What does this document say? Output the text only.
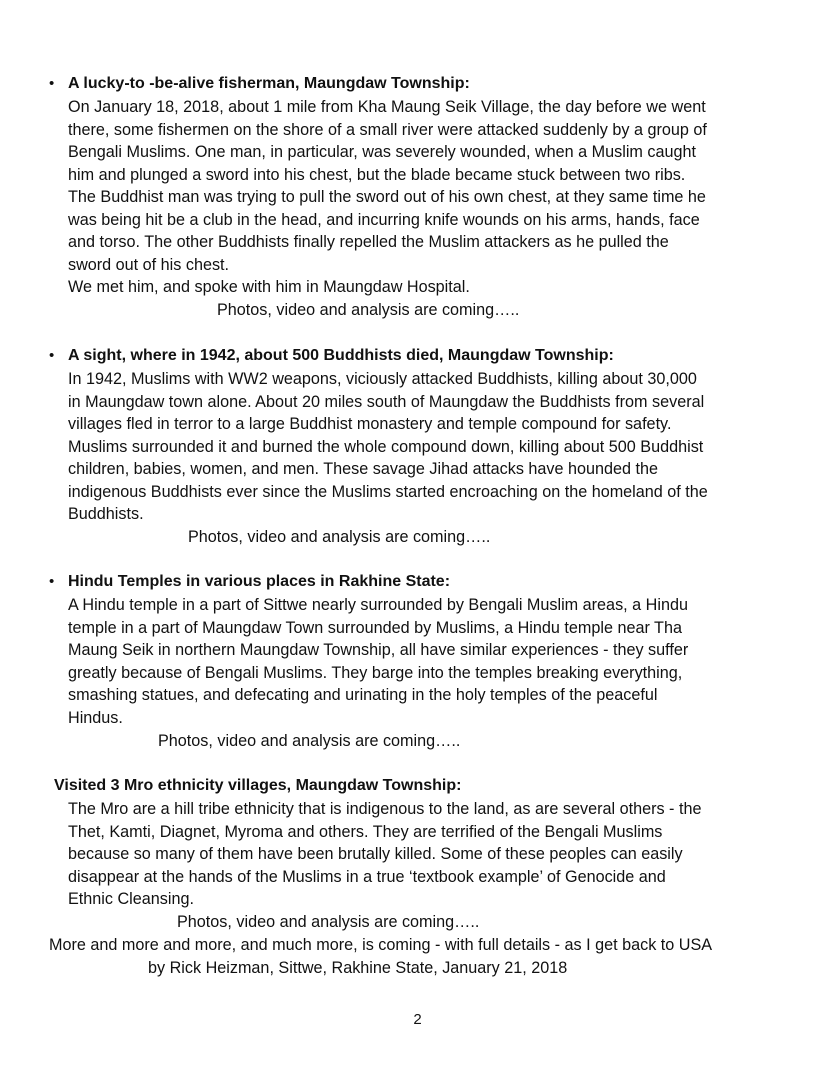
• A lucky-to -be-alive fisherman, Maungdaw Township:
On January 18, 2018, about 1 mile from Kha Maung Seik Village, the day before we went
there, some fishermen on the shore of a small river were attacked suddenly by a group of
Bengali Muslims. One man, in particular, was severely wounded, when a Muslim caught
him and plunged a sword into his chest, but the blade became stuck between two ribs.
The Buddhist man was trying to pull the sword out of his own chest, at they same time he
was being hit be a club in the head, and incurring knife wounds on his arms, hands, face
and torso. The other Buddhists finally repelled the Muslim attackers as he pulled the
sword out of his chest.
We met him, and spoke with him in Maungdaw Hospital.
Photos, video and analysis are coming…..
• A sight, where in 1942, about 500 Buddhists died, Maungdaw Township:
In 1942, Muslims with WW2 weapons, viciously attacked Buddhists, killing about 30,000
in Maungdaw town alone. About 20 miles south of Maungdaw the Buddhists from several
villages fled in terror to a large Buddhist monastery and temple compound for safety.
Muslims surrounded it and burned the whole compound down, killing about 500 Buddhist
children, babies, women, and men. These savage Jihad attacks have hounded the
indigenous Buddhists ever since the Muslims started encroaching on the homeland of the
Buddhists.
Photos, video and analysis are coming…..
• Hindu Temples in various places in Rakhine State:
A Hindu temple in a part of Sittwe nearly surrounded by Bengali Muslim areas, a Hindu
temple in a part of Maungdaw Town surrounded by Muslims, a Hindu temple near Tha
Maung Seik in northern Maungdaw Township, all have similar experiences - they suffer
greatly because of Bengali Muslims. They barge into the temples breaking everything,
smashing statues, and defecating and urinating in the holy temples of the peaceful
Hindus.
Photos, video and analysis are coming…..
Visited 3 Mro ethnicity villages, Maungdaw Township:
The Mro are a hill tribe ethnicity that is indigenous to the land, as are several others - the
Thet, Kamti, Diagnet, Myroma and others. They are terrified of the Bengali Muslims
because so many of them have been brutally killed. Some of these peoples can easily
disappear at the hands of the Muslims in a true ‘textbook example’ of Genocide and
Ethnic Cleansing.
Photos, video and analysis are coming…..
More and more and more, and much more, is coming - with full details - as I get back to USA
by Rick Heizman, Sittwe, Rakhine State, January 21, 2018
2
